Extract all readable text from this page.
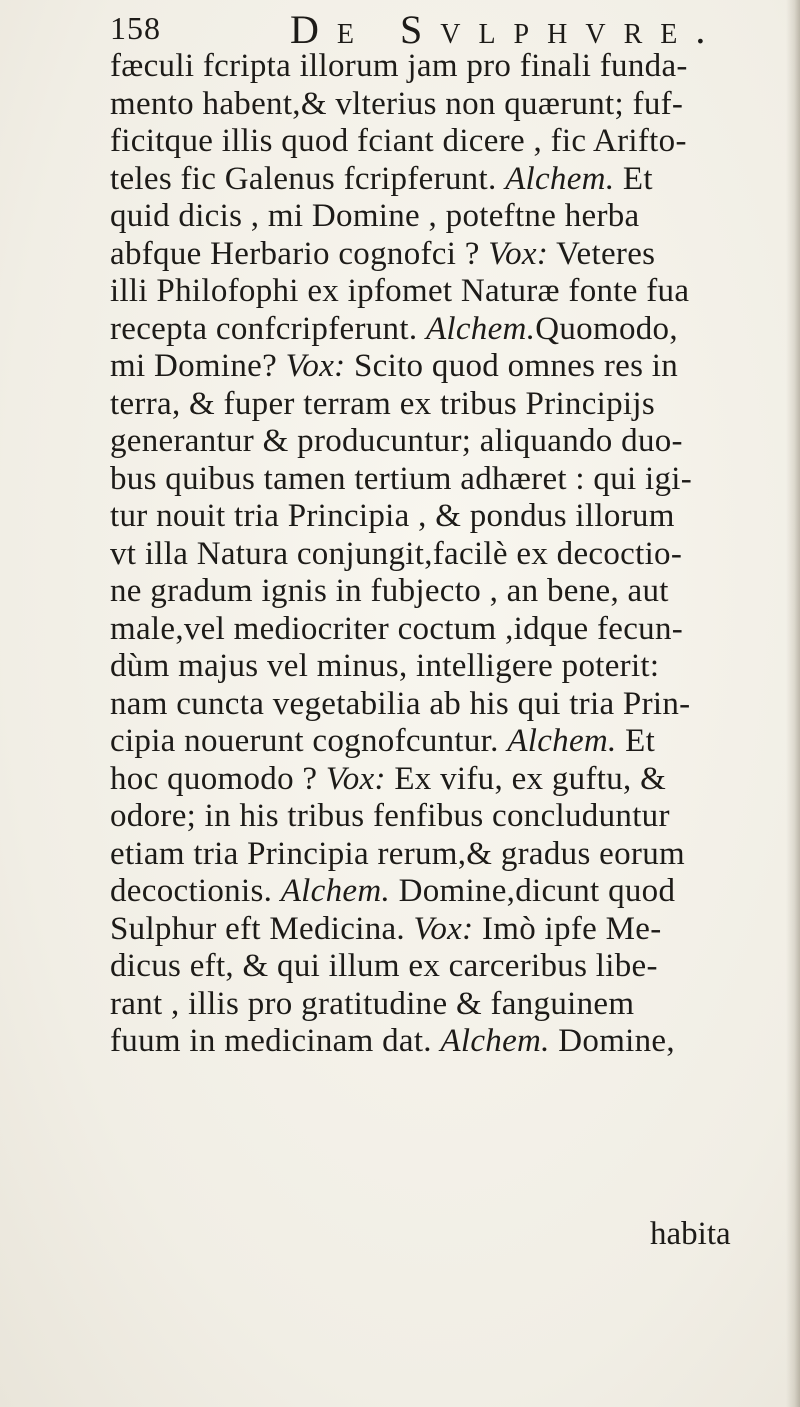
158	De Svlphvre.
fæculi fcripta illorum jam pro finali funda-
mento habent,& vlterius non quærunt; fuf-
ficitque illis quod fciant dicere , fic Arifto-
teles fic Galenus fcripferunt. Alchem. Et
quid dicis , mi Domine , poteftne herba
abfque Herbario cognofci ? Vox: Veteres
illi Philofophi ex ipfomet Naturæ fonte fua
recepta confcripferunt. Alchem.Quomodo,
mi Domine? Vox: Scito quod omnes res in
terra, & fuper terram ex tribus Principijs
generantur & producuntur; aliquando duo-
bus quibus tamen tertium adhæret : qui igi-
tur nouit tria Principia , & pondus illorum
vt illa Natura conjungit,facilè ex decoctio-
ne gradum ignis in fubjecto , an bene, aut
male,vel mediocriter coctum ,idque fecun-
dùm majus vel minus, intelligere poterit:
nam cuncta vegetabilia ab his qui tria Prin-
cipia nouerunt cognofcuntur. Alchem. Et
hoc quomodo ? Vox: Ex vifu, ex guftu, &
odore; in his tribus fenfibus concluduntur
etiam tria Principia rerum,& gradus eorum
decoctionis. Alchem. Domine,dicunt quod
Sulphur eft Medicina. Vox: Imò ipfe Me-
dicus eft, & qui illum ex carceribus libe-
rant , illis pro gratitudine & fanguinem
fuum in medicinam dat. Alchem. Domine,
habita
